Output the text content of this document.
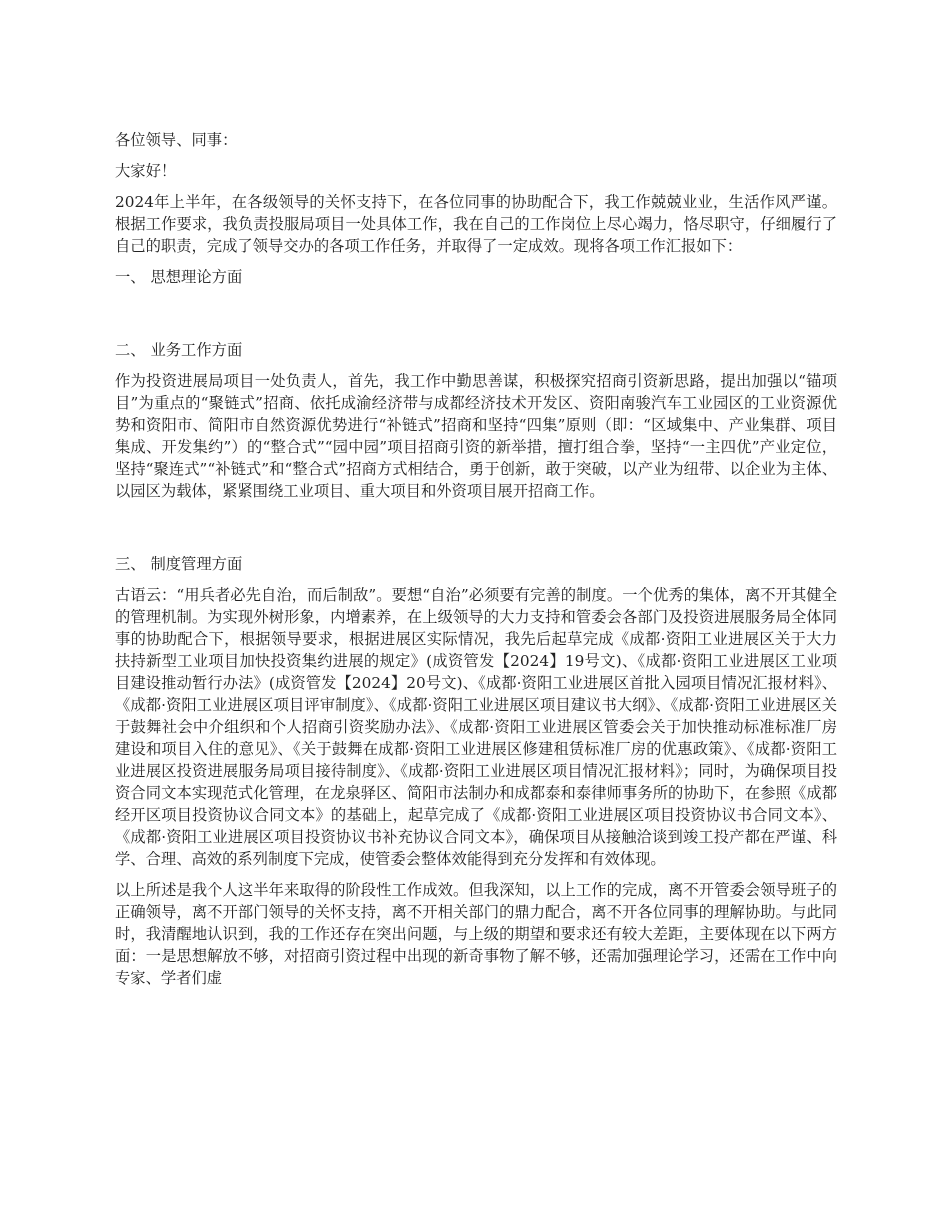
各位领导、同事：

大家好！

2024年上半年，在各级领导的关怀支持下，在各位同事的协助配合下，我工作兢兢业业，生活作风严谨。根据工作要求，我负责投服局项目一处具体工作，我在自己的工作岗位上尽心竭力，恪尽职守，仔细履行了自己的职责，完成了领导交办的各项工作任务，并取得了一定成效。现将各项工作汇报如下：

一、 思想理论方面

二、 业务工作方面

作为投资进展局项目一处负责人，首先，我工作中勤思善谋，积极探究招商引资新思路，提出加强以“锚项目”为重点的“聚链式”招商、依托成渝经济带与成都经济技术开发区、资阳南骏汽车工业园区的工业资源优势和资阳市、简阳市自然资源优势进行“补链式”招商和坚持“四集”原则（即：“区域集中、产业集群、项目集成、开发集约”）的“整合式”“园中园”项目招商引资的新举措，擅打组合拳，坚持“一主四优”产业定位，坚持“聚连式”“补链式”和“整合式”招商方式相结合，勇于创新，敢于突破，以产业为纽带、以企业为主体、以园区为载体，紧紧围绕工业项目、重大项目和外资项目展开招商工作。

三、 制度管理方面

古语云：“用兵者必先自治，而后制敌”。要想“自治”必须要有完善的制度。一个优秀的集体，离不开其健全的管理机制。为实现外树形象，内增素养，在上级领导的大力支持和管委会各部门及投资进展服务局全体同事的协助配合下，根据领导要求，根据进展区实际情况，我先后起草完成《成都·资阳工业进展区关于大力扶持新型工业项目加快投资集约进展的规定》(成资管发【2024】19号文)、《成都·资阳工业进展区工业项目建设推动暂行办法》(成资管发【2024】20号文)、《成都·资阳工业进展区首批入园项目情况汇报材料》、《成都·资阳工业进展区项目评审制度》、《成都·资阳工业进展区项目建议书大纲》、《成都·资阳工业进展区关于鼓舞社会中介组织和个人招商引资奖励办法》、《成都·资阳工业进展区管委会关于加快推动标准标准厂房建设和项目入住的意见》、《关于鼓舞在成都·资阳工业进展区修建租赁标准厂房的优惠政策》、《成都·资阳工业进展区投资进展服务局项目接待制度》、《成都·资阳工业进展区项目情况汇报材料》；同时，为确保项目投资合同文本实现范式化管理，在龙泉驿区、简阳市法制办和成都泰和泰律师事务所的协助下，在参照《成都经开区项目投资协议合同文本》的基础上，起草完成了《成都·资阳工业进展区项目投资协议书合同文本》、《成都·资阳工业进展区项目投资协议书补充协议合同文本》，确保项目从接触洽谈到竣工投产都在严谨、科学、合理、高效的系列制度下完成，使管委会整体效能得到充分发挥和有效体现。

以上所述是我个人这半年来取得的阶段性工作成效。但我深知，以上工作的完成，离不开管委会领导班子的正确领导，离不开部门领导的关怀支持，离不开相关部门的鼎力配合，离不开各位同事的理解协助。与此同时，我清醒地认识到，我的工作还存在突出问题，与上级的期望和要求还有较大差距，主要体现在以下两方面：一是思想解放不够，对招商引资过程中出现的新奇事物了解不够，还需加强理论学习，还需在工作中向专家、学者们虚
